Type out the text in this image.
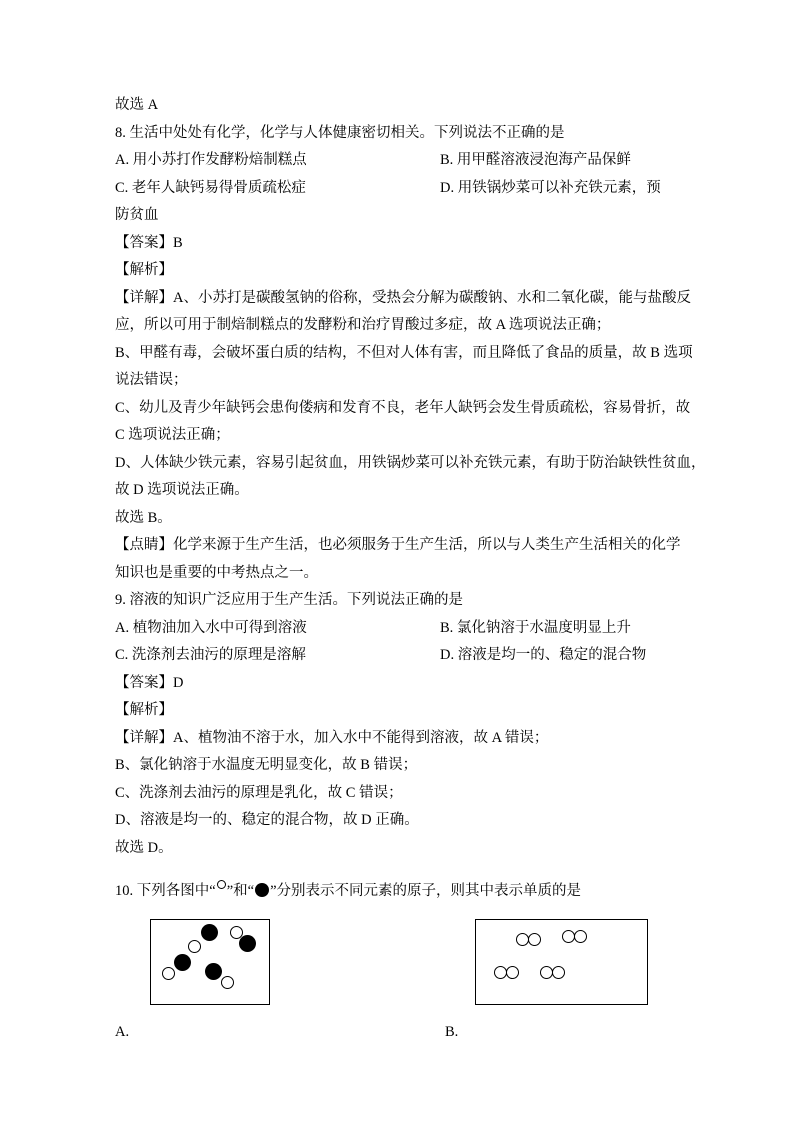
故选 A
8. 生活中处处有化学，化学与人体健康密切相关。下列说法不正确的是
A. 用小苏打作发酵粉焙制糕点	B. 用甲醛溶液浸泡海产品保鲜
C. 老年人缺钙易得骨质疏松症	D. 用铁锅炒菜可以补充铁元素，预
防贫血
【答案】B
【解析】
【详解】A、小苏打是碳酸氢钠的俗称，受热会分解为碳酸钠、水和二氧化碳，能与盐酸反
应，所以可用于制焙制糕点的发酵粉和治疗胃酸过多症，故 A 选项说法正确；
B、甲醛有毒，会破坏蛋白质的结构，不但对人体有害，而且降低了食品的质量，故 B 选项
说法错误；
C、幼儿及青少年缺钙会患佝偻病和发育不良，老年人缺钙会发生骨质疏松，容易骨折，故
C 选项说法正确；
D、人体缺少铁元素，容易引起贫血，用铁锅炒菜可以补充铁元素，有助于防治缺铁性贫血，
故 D 选项说法正确。
故选 B。
【点睛】化学来源于生产生活，也必须服务于生产生活，所以与人类生产生活相关的化学
知识也是重要的中考热点之一。
9. 溶液的知识广泛应用于生产生活。下列说法正确的是
A. 植物油加入水中可得到溶液	B. 氯化钠溶于水温度明显上升
C. 洗涤剂去油污的原理是溶解	D. 溶液是均一的、稳定的混合物
【答案】D
【解析】
【详解】A、植物油不溶于水，加入水中不能得到溶液，故 A 错误；
B、氯化钠溶于水温度无明显变化，故 B 错误；
C、洗涤剂去油污的原理是乳化，故 C 错误；
D、溶液是均一的、稳定的混合物，故 D 正确。
故选 D。
10. 下列各图中“ ”和“ ”分别表示不同元素的原子，则其中表示单质的是
A.	B.
